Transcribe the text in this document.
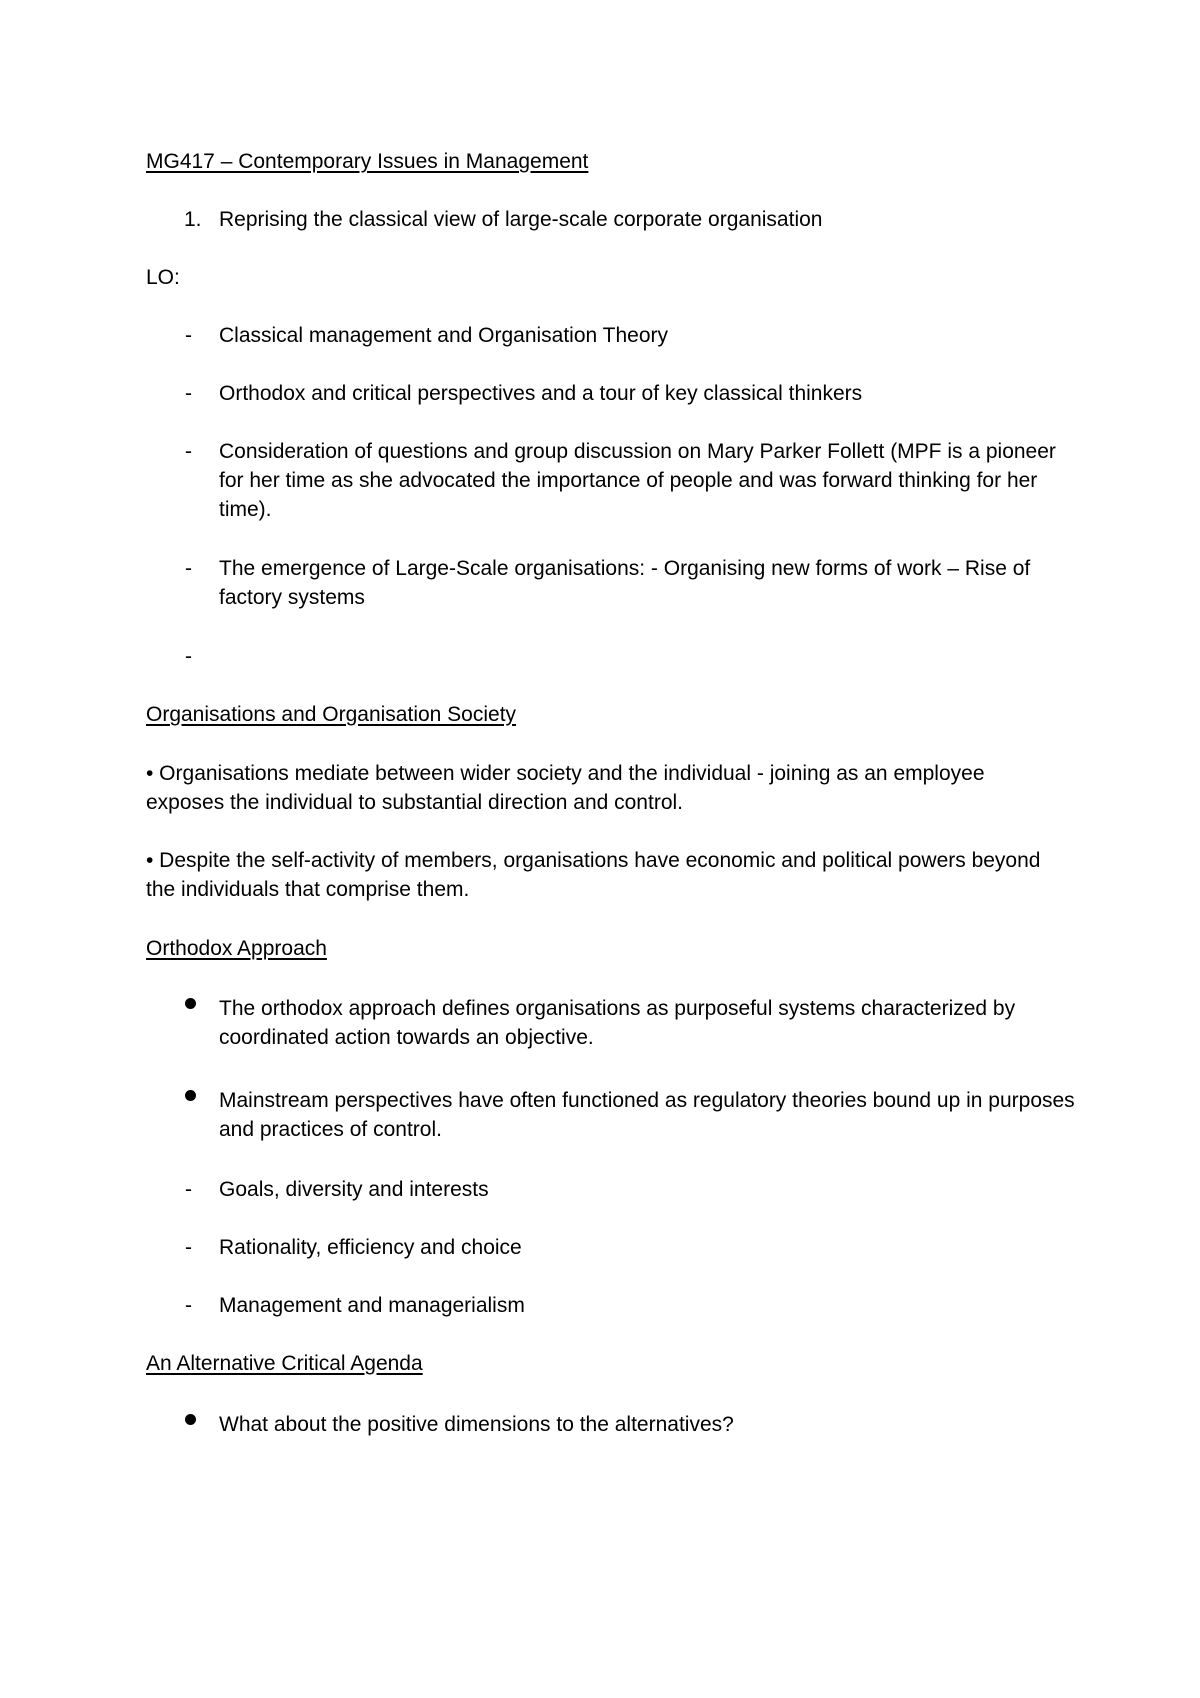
MG417 – Contemporary Issues in Management
1. Reprising the classical view of large-scale corporate organisation
LO:
- Classical management and Organisation Theory
- Orthodox and critical perspectives and a tour of key classical thinkers
- Consideration of questions and group discussion on Mary Parker Follett (MPF is a pioneer for her time as she advocated the importance of people and was forward thinking for her time).
- The emergence of Large-Scale organisations: - Organising new forms of work – Rise of factory systems
-
Organisations and Organisation Society
• Organisations mediate between wider society and the individual - joining as an employee exposes the individual to substantial direction and control.
• Despite the self-activity of members, organisations have economic and political powers beyond the individuals that comprise them.
Orthodox Approach
The orthodox approach defines organisations as purposeful systems characterized by coordinated action towards an objective.
Mainstream perspectives have often functioned as regulatory theories bound up in purposes and practices of control.
- Goals, diversity and interests
- Rationality, efficiency and choice
- Management and managerialism
An Alternative Critical Agenda
What about the positive dimensions to the alternatives?
